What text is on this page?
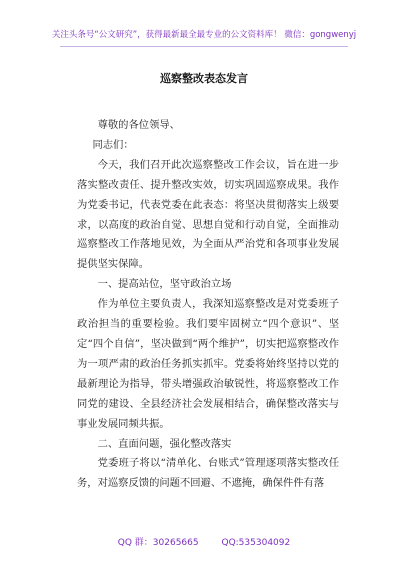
关注头条号“公文研究”，获得最新最全最专业的公文资料库！ 微信：gongwenyj
巡察整改表态发言

尊敬的各位领导、

同志们：

今天，我们召开此次巡察整改工作会议，旨在进一步落实整改责任、提升整改实效，切实巩固巡察成果。我作为党委书记，代表党委在此表态：将坚决贯彻落实上级要求，以高度的政治自觉、思想自觉和行动自觉，全面推动巡察整改工作落地见效，为全面从严治党和各项事业发展提供坚实保障。

一、提高站位，坚守政治立场

作为单位主要负责人，我深知巡察整改是对党委班子政治担当的重要检验。我们要牢固树立“四个意识”、坚定“四个自信”，坚决做到“两个维护”，切实把巡察整改作为一项严肃的政治任务抓实抓牢。党委将始终坚持以党的最新理论为指导，带头增强政治敏锐性，将巡察整改工作同党的建设、全县经济社会发展相结合，确保整改落实与事业发展同频共振。

二、直面问题，强化整改落实

党委班子将以“清单化、台账式”管理逐项落实整改任务，对巡察反馈的问题不回避、不遮掩，确保件件有落

QQ 群：30265665	QQ:535304092
